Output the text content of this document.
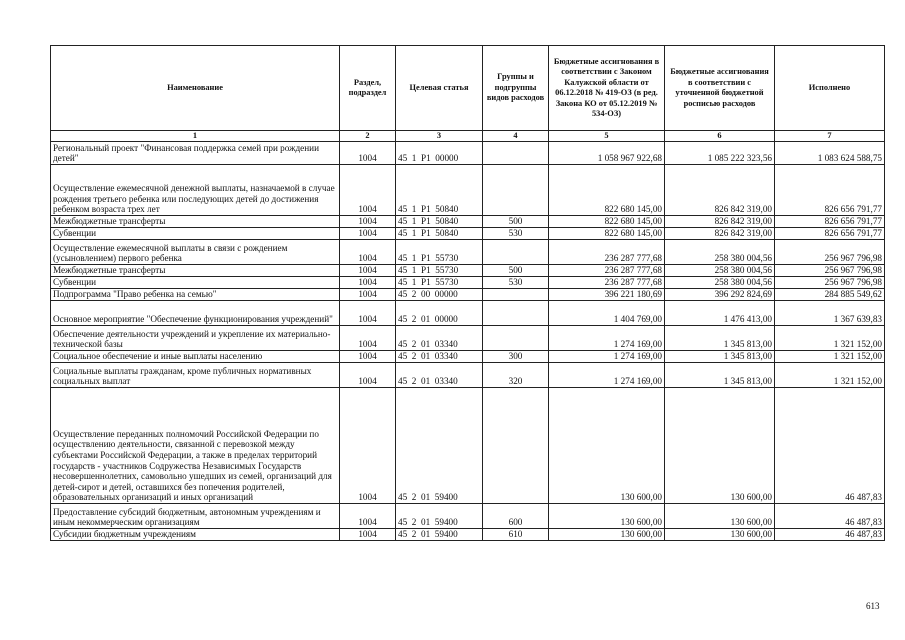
Наименование	Раздел, подраздел	Целевая статья	Группы и подгруппы видов расходов	Бюджетные ассигнования в соответствии с Законом Калужской области от 06.12.2018 № 419-ОЗ (в ред. Закона КО от 05.12.2019 № 534-ОЗ)	Бюджетные ассигнования в соответствии с уточненной бюджетной росписью расходов	Исполнено
1	2	3	4	5	6	7
Региональный проект "Финансовая поддержка семей при рождении детей"	1004	45  1  P1  00000		1 058 967 922,68	1 085 222 323,56	1 083 624 588,75
Осуществление ежемесячной денежной выплаты, назначаемой в случае рождения третьего ребенка или последующих детей до достижения ребенком возраста трех лет	1004	45  1  P1  50840		822 680 145,00	826 842 319,00	826 656 791,77
Межбюджетные трансферты	1004	45  1  P1  50840	500	822 680 145,00	826 842 319,00	826 656 791,77
Субвенции	1004	45  1  P1  50840	530	822 680 145,00	826 842 319,00	826 656 791,77
Осуществление ежемесячной выплаты в связи с рождением (усыновлением) первого ребенка	1004	45  1  P1  55730		236 287 777,68	258 380 004,56	256 967 796,98
Межбюджетные трансферты	1004	45  1  P1  55730	500	236 287 777,68	258 380 004,56	256 967 796,98
Субвенции	1004	45  1  P1  55730	530	236 287 777,68	258 380 004,56	256 967 796,98
Подпрограмма "Право ребенка на семью"	1004	45  2  00  00000		396 221 180,69	396 292 824,69	284 885 549,62
Основное мероприятие "Обеспечение функционирования учреждений"	1004	45  2  01  00000		1 404 769,00	1 476 413,00	1 367 639,83
Обеспечение деятельности учреждений и укрепление их материально-технической базы	1004	45  2  01  03340		1 274 169,00	1 345 813,00	1 321 152,00
Социальное обеспечение и иные выплаты населению	1004	45  2  01  03340	300	1 274 169,00	1 345 813,00	1 321 152,00
Социальные выплаты гражданам, кроме публичных нормативных социальных выплат	1004	45  2  01  03340	320	1 274 169,00	1 345 813,00	1 321 152,00
Осуществление переданных полномочий Российской Федерации по осуществлению деятельности, связанной с перевозкой между субъектами Российской Федерации, а также в пределах территорий государств - участников Содружества Независимых Государств несовершеннолетних, самовольно ушедших из семей, организаций для детей-сирот и детей, оставшихся без попечения родителей, образовательных организаций и иных организаций	1004	45  2  01  59400		130 600,00	130 600,00	46 487,83
Предоставление субсидий бюджетным, автономным учреждениям и иным некоммерческим организациям	1004	45  2  01  59400	600	130 600,00	130 600,00	46 487,83
Субсидии бюджетным учреждениям	1004	45  2  01  59400	610	130 600,00	130 600,00	46 487,83
613
